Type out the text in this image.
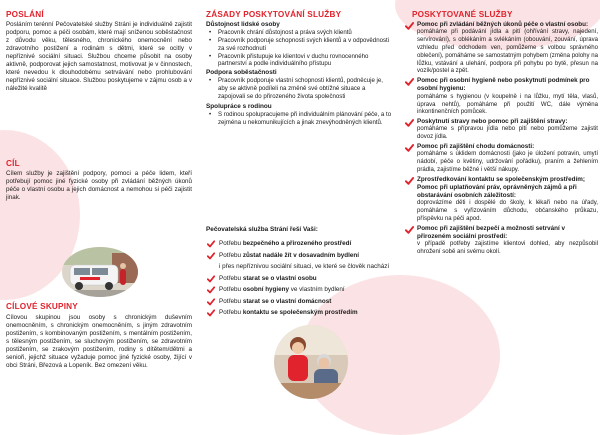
POSLÁNÍ

Posláním terénní Pečovatelské služby Stráni je individuálně zajistit podporu, pomoc a péči osobám, které mají sníženou soběstačnost z důvodu věku, tělesného, chronického onemocnění nebo zdravotního postižení a rodinám s dětmi, které se ocitly v nepříznivé sociální situaci. Službou chceme působit na osoby aktivně, podporovat jejich samostatnost, motivovat je v činnostech, které nevedou k dlouhodobému setrvávání nebo prohlubování nepříznivé sociální situace. Službou poskytujeme v zájmu osob a v náležité kvalitě

CÍL

Cílem služby je zajištění podpory, pomoci a péče lidem, kteří potřebují pomoc jiné fyzické osoby při zvládání běžných úkonů péče o vlastní osobu a jejich domácnost a nemohou si péči zajistit jinak.

CÍLOVÉ SKUPINY

Cílovou skupinou jsou osoby s chronickým duševním onemocněním, s chronickým onemocněním, s jiným zdravotním postižením, s kombinovaným postižením, s mentálním postižením, s tělesným postižením, se sluchovým postižením, se zdravotním postižením, se zrakovým postižením, rodiny s dítětem/dětmi a senioři, jejichž situace vyžaduje pomoc jiné fyzické osoby, žijící v obci Stráni, Březová a Lopeník. Bez omezení věku.

ZÁSADY POSKYTOVÁNÍ SLUŽBY

Důstojnost lidské osoby

• Pracovník chrání důstojnost a práva svých klientů
• Pracovník podporuje schopnosti svých klientů a v odpovědnosti za své rozhodnutí
• Pracovník přistupuje ke klientovi v duchu rovnocenného partnerství a podle individuálního přístupu

Podpora soběstačnosti

• Pracovník podporuje vlastní schopnosti klientů, podněcuje je, aby se aktivně podíleli na změně své obtížné situace a zapojovali se do přirozeného života společnosti

Spolupráce s rodinou

• S rodinou spolupracujeme při individuálním plánování péče, a to zejména u nekomunikujících a jinak znevýhodněných klientů.

Pečovatelská služba Strání řeší Vaši:

Potřebu bezpečného a přirozeného prostředí
Potřebu zůstat nadále žít v dosavadním bydlení
i přes nepříznivou sociální situaci, ve které se člověk nachází
Potřebu starat se o vlastní osobu
Potřebu osobní hygieny ve vlastním bydlení
Potřebu starat se o vlastní domácnost
Potřebu kontaktu se společenským prostředím
POSKYTOVANÉ SLUŽBY
Pomoc při zvládání běžných úkonů péče o vlastní osobu:
pomáháme při podávání jídla a pití (ohřívání stravy, najedení, servírování), s oblékáním a svlékáním (obouvání, zouvání, úprava vzhledu před odchodem ven, pomůžeme s volbou správného oblečení), pomáháme se samostatným pohybem (změna polohy na lůžku, vstávání a ulehání, podpora při pohybu po bytě, přesun na vozík/postel a zpět.
Pomoc při osobní hygieně nebo poskytnutí podmínek pro osobní hygienu:
pomáháme s hygienou (v koupelně i na lůžku, mytí těla, vlasů, úprava nehtů), pomáháme při použití WC, dále výměna inkontinenčních pomůcek.
Poskytnutí stravy nebo pomoc při zajištění stravy:
pomáháme s přípravou jídla nebo pití nebo pomůžeme zajistit dovoz jídla.
Pomoc při zajištění chodu domácnosti:
pomáháme s úklidem domácnosti (jako je úložení potravin, umytí nádobí, péče o květiny, udržování pořádku), praním a žehlením prádla, zajistíme běžné i větší nákupy.
Zprostředkování kontaktu se společenským prostředím; Pomoc při uplatňování práv, oprávněných zájmů a při obstarávání osobních záležitostí:
doprovázíme děti i dospělé do školy, k lékaři nebo na úřady, pomáháme s vyřizováním důchodu, občanského průkazu, příspěvku na péči apod.
Pomoc při zajištění bezpečí a možnosti setrvání v přirozeném sociální prostředí:
v případě potřeby zajistíme klientovi dohled, aby nezpůsobil ohrožení sobě ani svému okolí.
